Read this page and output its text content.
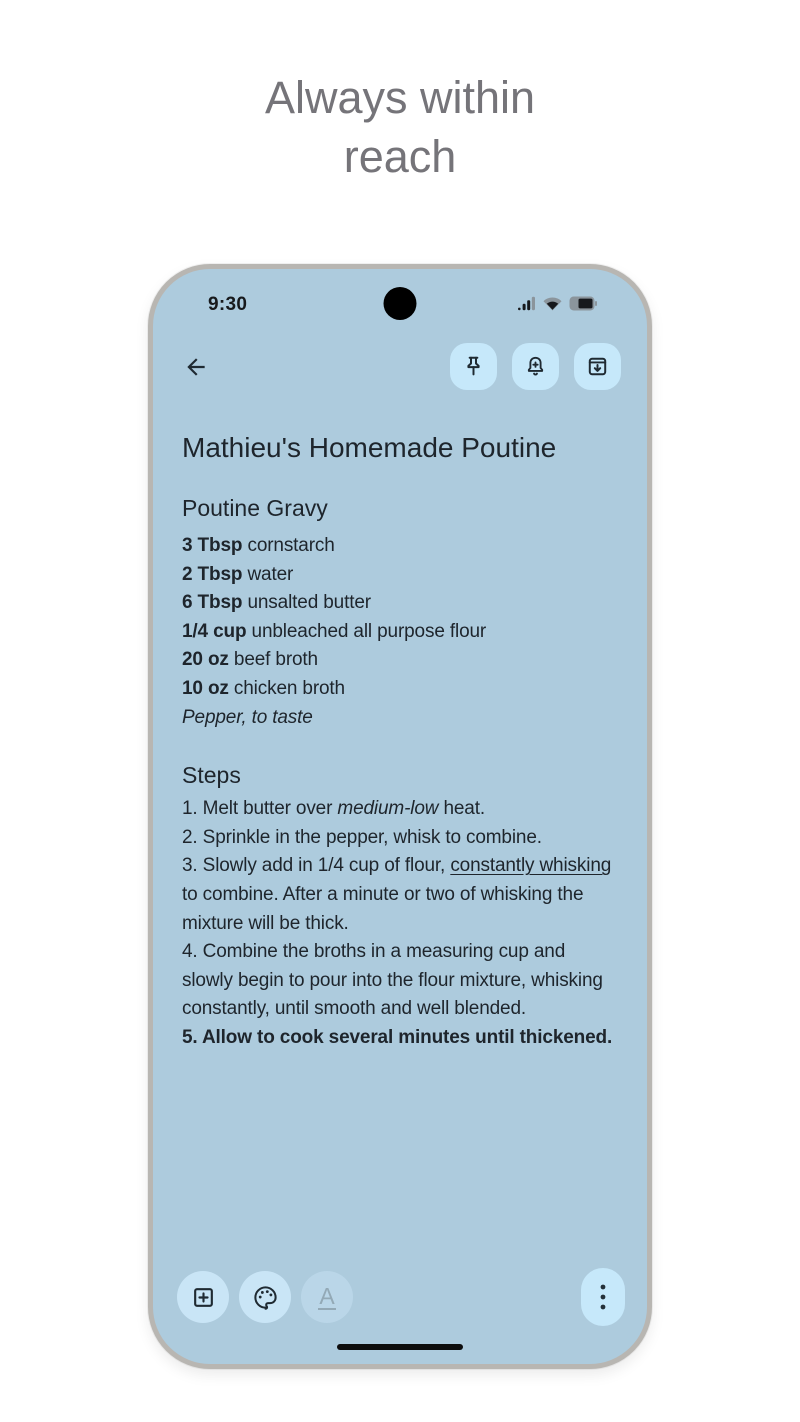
Always within
reach
9:30
Mathieu's Homemade Poutine
Poutine Gravy
3 Tbsp cornstarch
2 Tbsp water
6 Tbsp unsalted butter
1/4 cup unbleached all purpose flour
20 oz beef broth
10 oz chicken broth
Pepper, to taste
Steps
1. Melt butter over medium-low heat.
2. Sprinkle in the pepper, whisk to combine.
3. Slowly add in 1/4 cup of flour, constantly whisking to combine. After a minute or two of whisking the mixture will be thick.
4. Combine the broths in a measuring cup and slowly begin to pour into the flour mixture, whisking constantly, until smooth and well blended.
5. Allow to cook several minutes until thickened.
A
